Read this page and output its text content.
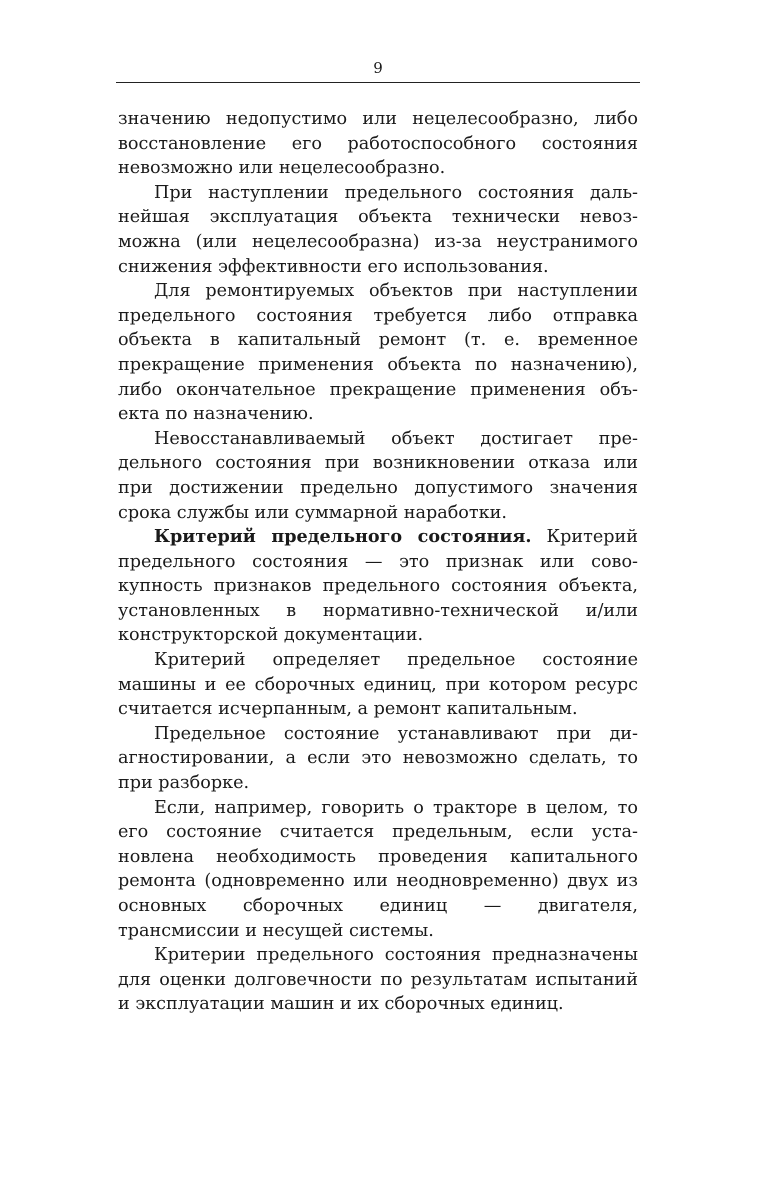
9

значению недопустимо или нецелесообразно, либо восстановление его работоспособного состояния невозможно или нецелесообразно.

При наступлении предельного состояния дальнейшая эксплуатация объекта технически невозможна (или нецелесообразна) из-за неустранимого снижения эффективности его использования.

Для ремонтируемых объектов при наступлении предельного состояния требуется либо отправка объекта в капитальный ремонт (т. е. временное прекращение применения объекта по назначению), либо окончательное прекращение применения объекта по назначению.

Невосстанавливаемый объект достигает предельного состояния при возникновении отказа или при достижении предельно допустимого значения срока службы или суммарной наработки.

Критерий предельного состояния. Критерий предельного состояния — это признак или совокупность признаков предельного состояния объекта, установленных в нормативно-технической и/или конструкторской документации.

Критерий определяет предельное состояние машины и ее сборочных единиц, при котором ресурс считается исчерпанным, а ремонт капитальным.

Предельное состояние устанавливают при диагностировании, а если это невозможно сделать, то при разборке.

Если, например, говорить о тракторе в целом, то его состояние считается предельным, если установлена необходимость проведения капитального ремонта (одновременно или неодновременно) двух из основных сборочных единиц — двигателя, трансмиссии и несущей системы.

Критерии предельного состояния предназначены для оценки долговечности по результатам испытаний и эксплуатации машин и их сборочных единиц.
